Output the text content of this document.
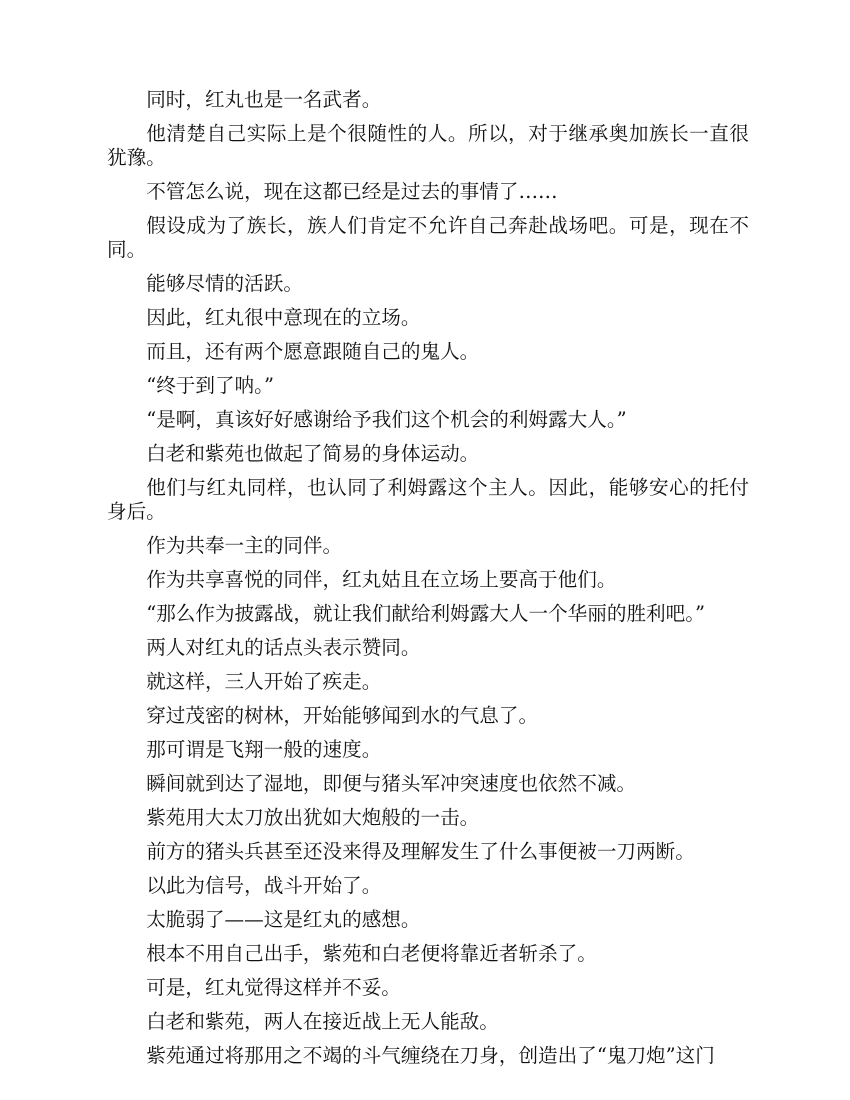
同时，红丸也是一名武者。

他清楚自己实际上是个很随性的人。所以，对于继承奥加族长一直很犹豫。

不管怎么说，现在这都已经是过去的事情了……

假设成为了族长，族人们肯定不允许自己奔赴战场吧。可是，现在不同。

能够尽情的活跃。

因此，红丸很中意现在的立场。

而且，还有两个愿意跟随自己的鬼人。

“终于到了呐。”

“是啊，真该好好感谢给予我们这个机会的利姆露大人。”

白老和紫苑也做起了简易的身体运动。

他们与红丸同样，也认同了利姆露这个主人。因此，能够安心的托付身后。

作为共奉一主的同伴。

作为共享喜悦的同伴，红丸姑且在立场上要高于他们。

“那么作为披露战，就让我们献给利姆露大人一个华丽的胜利吧。”

两人对红丸的话点头表示赞同。

就这样，三人开始了疾走。

穿过茂密的树林，开始能够闻到水的气息了。

那可谓是飞翔一般的速度。

瞬间就到达了湿地，即便与猪头军冲突速度也依然不减。

紫苑用大太刀放出犹如大炮般的一击。

前方的猪头兵甚至还没来得及理解发生了什么事便被一刀两断。

以此为信号，战斗开始了。

太脆弱了——这是红丸的感想。

根本不用自己出手，紫苑和白老便将靠近者斩杀了。

可是，红丸觉得这样并不妥。

白老和紫苑，两人在接近战上无人能敌。

紫苑通过将那用之不竭的斗气缠绕在刀身，创造出了“鬼刀炮”这门
